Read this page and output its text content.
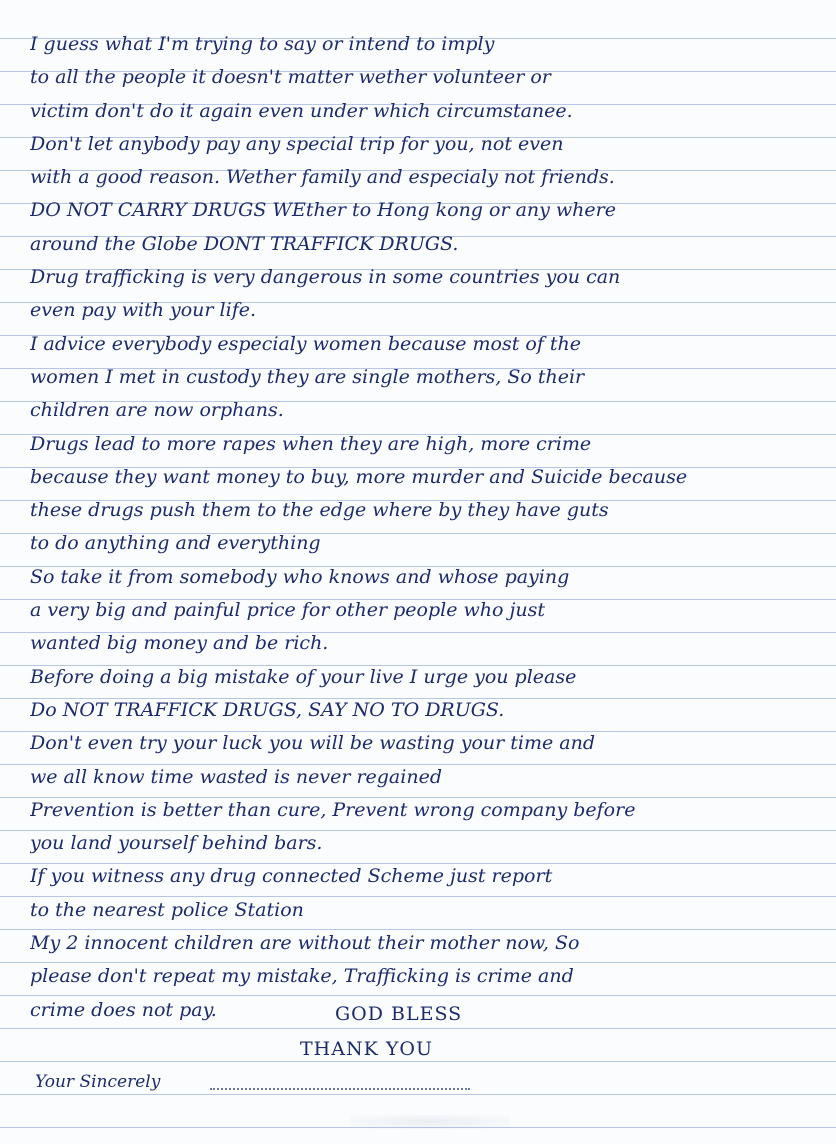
I guess what I'm trying to say or intend to imply
to all the people it doesn't matter wether volunteer or
victim don't do it again even under which circumstanee.
Don't let anybody pay any special trip for you, not even
with a good reason. Wether family and especialy not friends.
DO NOT CARRY DRUGS WEther to Hong kong or any where
around the Globe DONT TRAFFICK DRUGS.
Drug trafficking is very dangerous in some countries you can
even pay with your life.
I advice everybody especialy women because most of the
women I met in custody they are single mothers, So their
children are now orphans.
Drugs lead to more rapes when they are high, more crime
because they want money to buy, more murder and Suicide because
these drugs push them to the edge where by they have guts
to do anything and everything
So take it from somebody who knows and whose paying
a very big and painful price for other people who just
wanted big money and be rich.
Before doing a big mistake of your live I urge you please
Do NOT TRAFFICK DRUGS, SAY NO TO DRUGS.
Don't even try your luck you will be wasting your time and
we all know time wasted is never regained
Prevention is better than cure, Prevent wrong company before
you land yourself behind bars.
If you witness any drug connected Scheme just report
to the nearest police Station
My 2 innocent children are without their mother now, So
please don't repeat my mistake, Trafficking is crime and
crime does not pay.	GOD BLESS
THANK YOU
Your Sincerely
